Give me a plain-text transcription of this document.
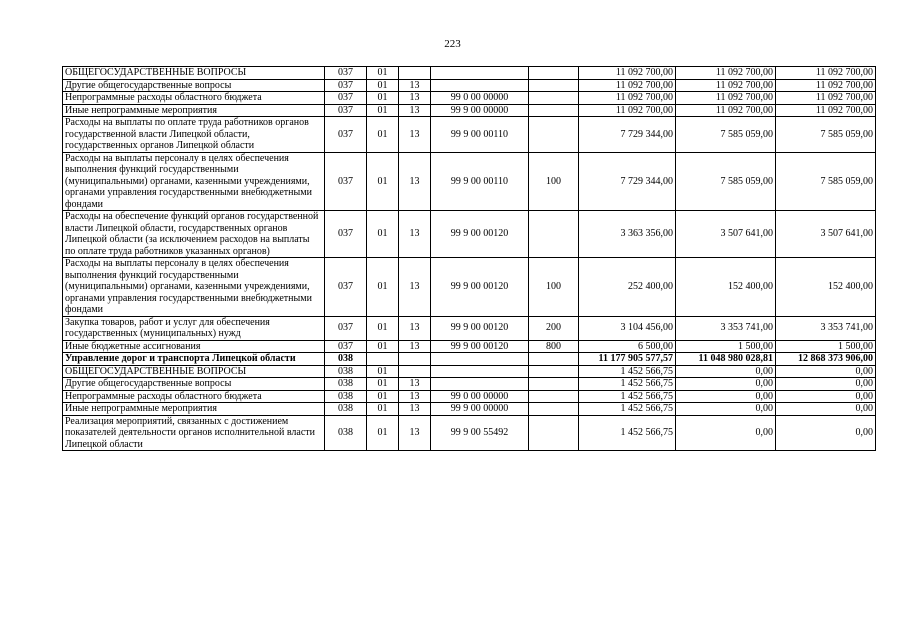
223
ОБЩЕГОСУДАРСТВЕННЫЕ ВОПРОСЫ	037	01				11 092 700,00	11 092 700,00	11 092 700,00
Другие общегосударственные вопросы	037	01	13			11 092 700,00	11 092 700,00	11 092 700,00
Непрограммные расходы областного бюджета	037	01	13	99 0 00 00000		11 092 700,00	11 092 700,00	11 092 700,00
Иные непрограммные мероприятия	037	01	13	99 9 00 00000		11 092 700,00	11 092 700,00	11 092 700,00
Расходы на выплаты по оплате труда работников органов государственной власти Липецкой области, государственных органов Липецкой области	037	01	13	99 9 00 00110		7 729 344,00	7 585 059,00	7 585 059,00
Расходы на выплаты персоналу в целях обеспечения выполнения функций государственными (муниципальными) органами, казенными учреждениями, органами управления государственными внебюджетными фондами	037	01	13	99 9 00 00110	100	7 729 344,00	7 585 059,00	7 585 059,00
Расходы на обеспечение функций органов государственной власти Липецкой области, государственных органов Липецкой области (за исключением расходов на выплаты по оплате труда работников указанных органов)	037	01	13	99 9 00 00120		3 363 356,00	3 507 641,00	3 507 641,00
Расходы на выплаты персоналу в целях обеспечения выполнения функций государственными (муниципальными) органами, казенными учреждениями, органами управления государственными внебюджетными фондами	037	01	13	99 9 00 00120	100	252 400,00	152 400,00	152 400,00
Закупка товаров, работ и услуг для обеспечения государственных (муниципальных) нужд	037	01	13	99 9 00 00120	200	3 104 456,00	3 353 741,00	3 353 741,00
Иные бюджетные ассигнования	037	01	13	99 9 00 00120	800	6 500,00	1 500,00	1 500,00
Управление дорог и транспорта Липецкой области	038					11 177 905 577,57	11 048 980 028,81	12 868 373 906,00
ОБЩЕГОСУДАРСТВЕННЫЕ ВОПРОСЫ	038	01				1 452 566,75	0,00	0,00
Другие общегосударственные вопросы	038	01	13			1 452 566,75	0,00	0,00
Непрограммные расходы областного бюджета	038	01	13	99 0 00 00000		1 452 566,75	0,00	0,00
Иные непрограммные мероприятия	038	01	13	99 9 00 00000		1 452 566,75	0,00	0,00
Реализация мероприятий, связанных с достижением показателей деятельности органов исполнительной власти Липецкой области	038	01	13	99 9 00 55492		1 452 566,75	0,00	0,00
